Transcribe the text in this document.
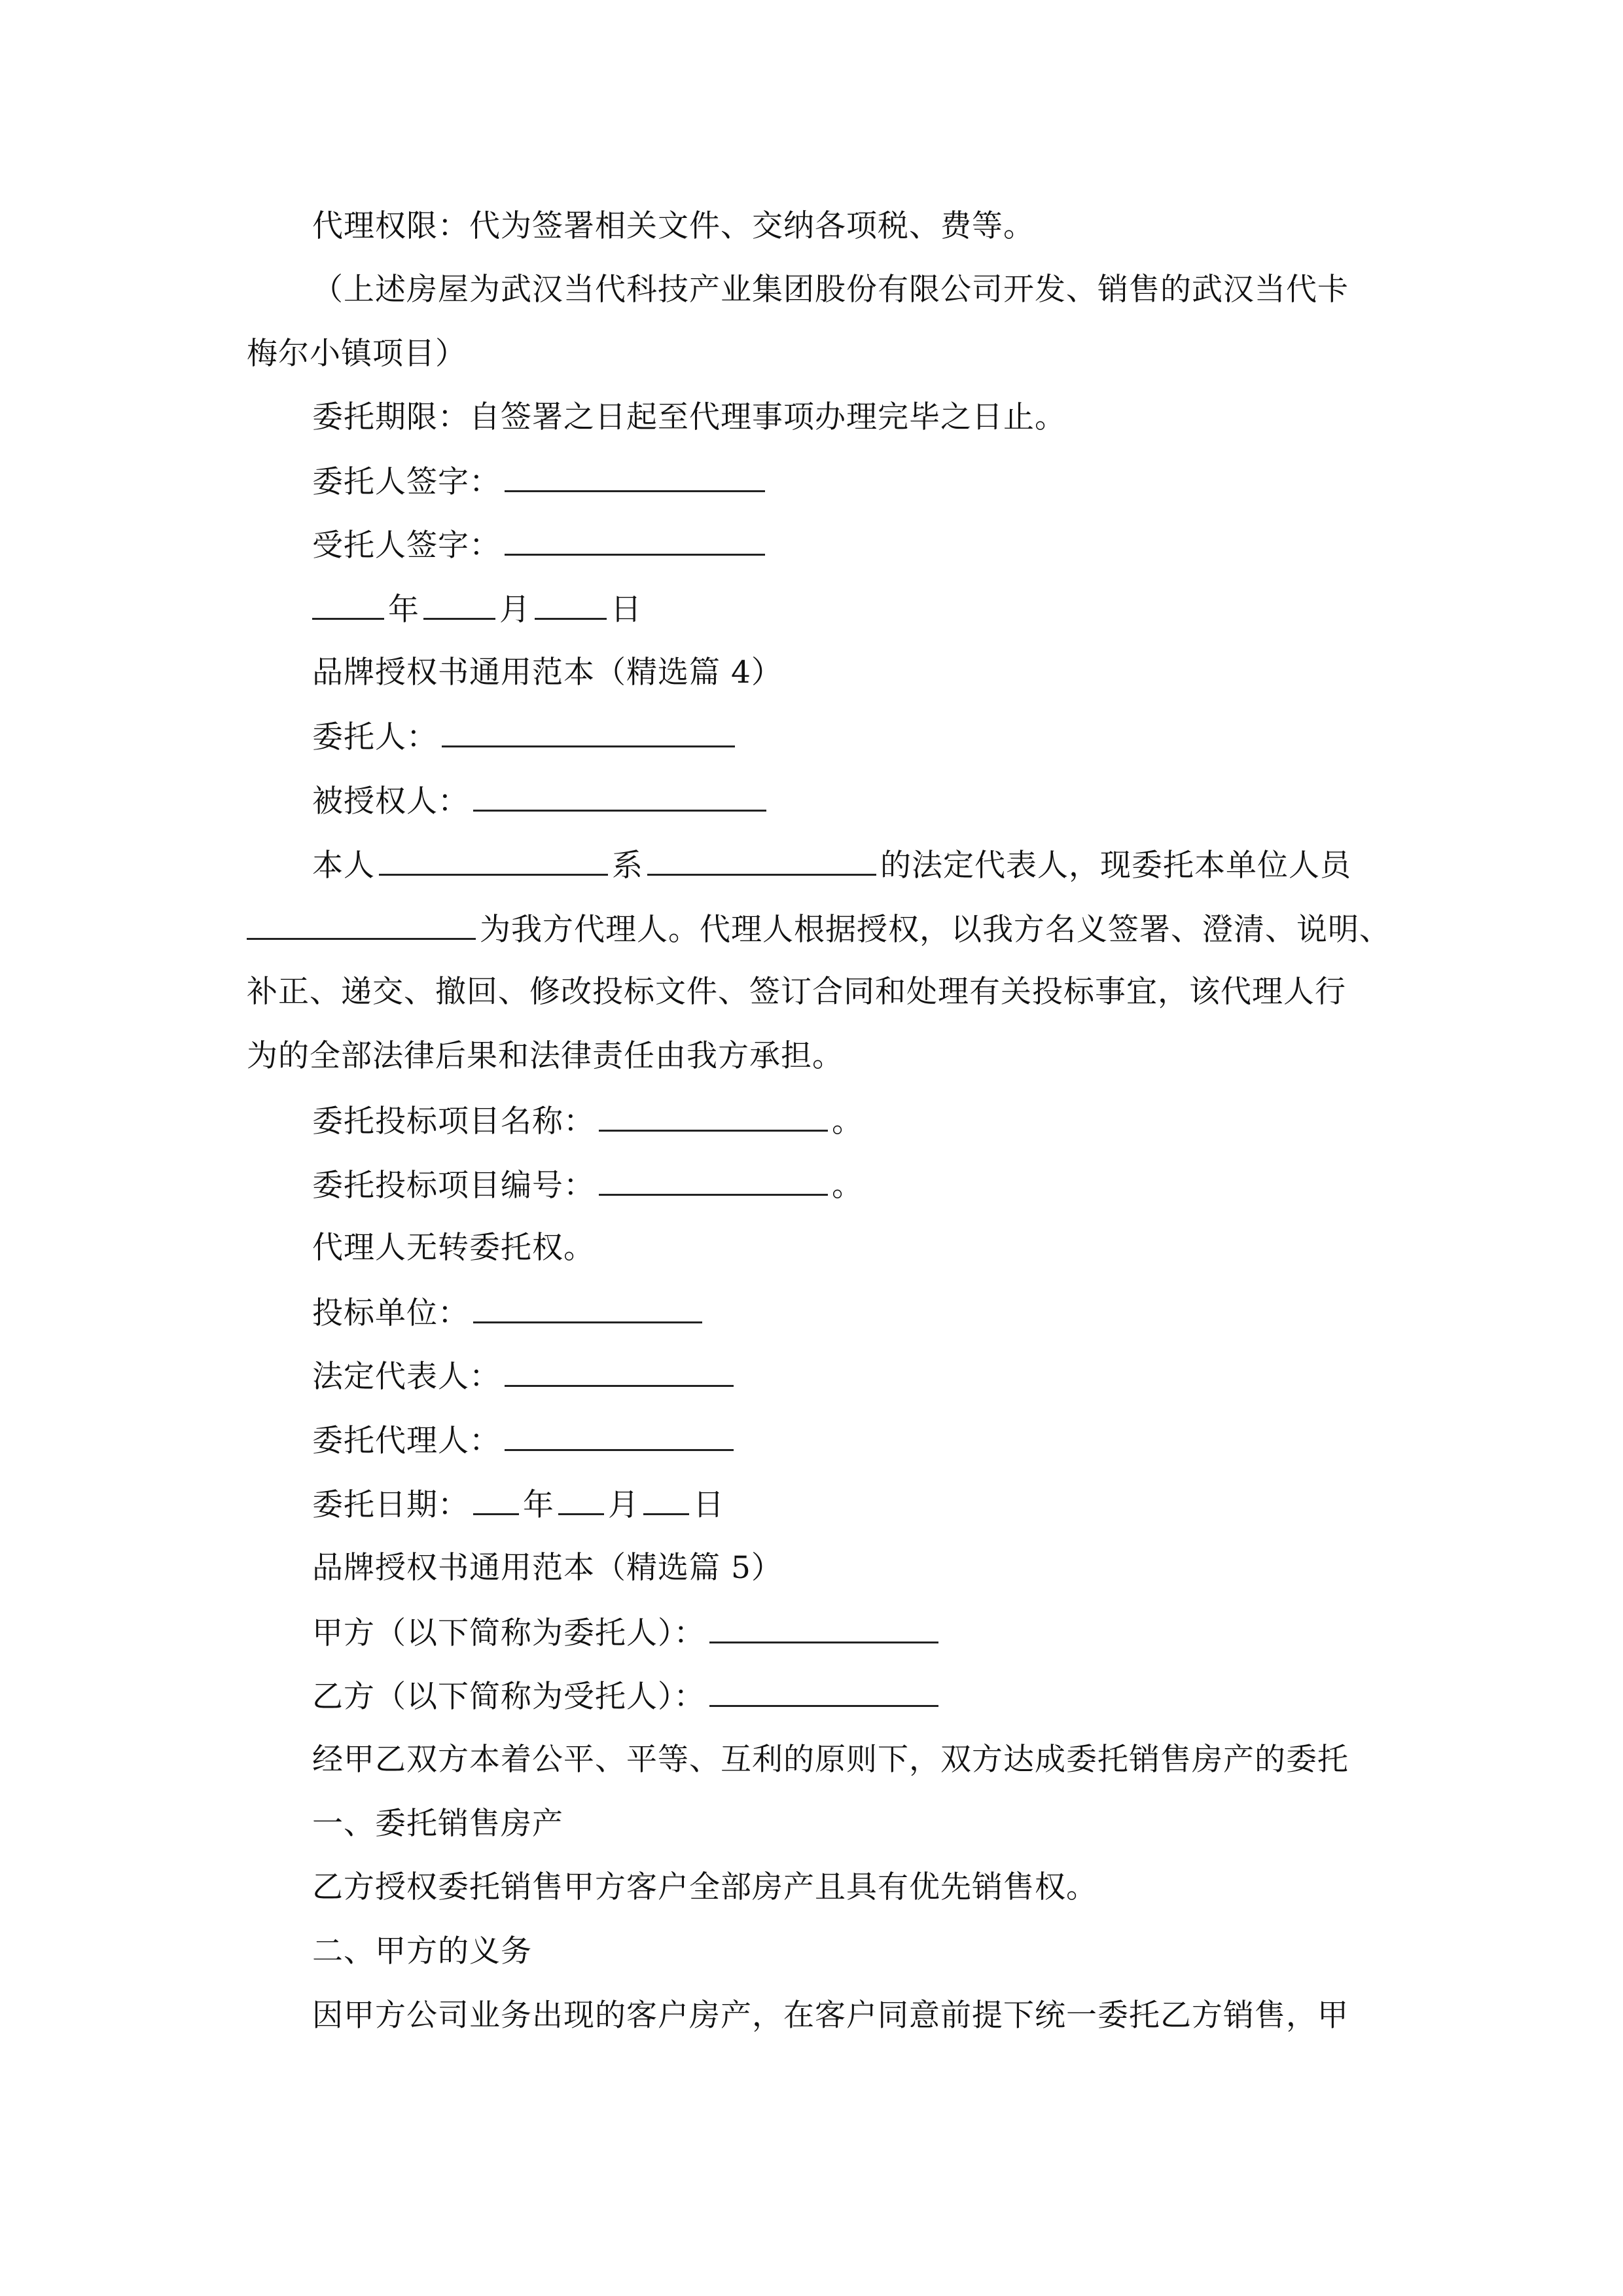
代理权限：代为签署相关文件、交纳各项税、费等。
（上述房屋为武汉当代科技产业集团股份有限公司开发、销售的武汉当代卡
梅尔小镇项目）
委托期限：自签署之日起至代理事项办理完毕之日止。
委托人签字：
受托人签字：
年	月	日
品牌授权书通用范本（精选篇 4）
委托人：
被授权人：
本人	系	的法定代表人，现委托本单位人员
为我方代理人。代理人根据授权，以我方名义签署、澄清、说明、
补正、递交、撤回、修改投标文件、签订合同和处理有关投标事宜，该代理人行
为的全部法律后果和法律责任由我方承担。
委托投标项目名称：	。
委托投标项目编号：	。
代理人无转委托权。
投标单位：
法定代表人：
委托代理人：
委托日期： 年 月 日
品牌授权书通用范本（精选篇 5）
甲方（以下简称为委托人）：
乙方（以下简称为受托人）：
经甲乙双方本着公平、平等、互利的原则下，双方达成委托销售房产的委托
一、委托销售房产
乙方授权委托销售甲方客户全部房产且具有优先销售权。
二、甲方的义务
因甲方公司业务出现的客户房产，在客户同意前提下统一委托乙方销售，甲
